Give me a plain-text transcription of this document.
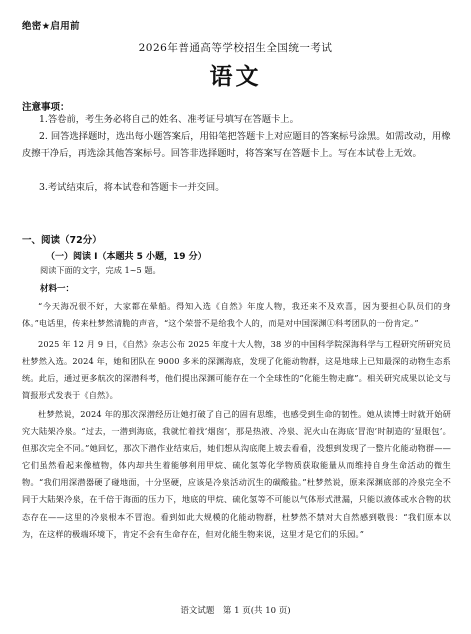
绝密★启用前
2026年普通高等学校招生全国统一考试
语文
注意事项：
1.答卷前，考生务必将自己的姓名、准考证号填写在答题卡上。
2. 回答选择题时，选出每小题答案后，用铅笔把答题卡上对应题目的答案标号涂黑。如需改动，用橡皮擦干净后，再选涂其他答案标号。回答非选择题时，将答案写在答题卡上。写在本试卷上无效。
3.考试结束后，将本试卷和答题卡一并交回。
一、阅读（72分）
（一）阅读 I（本题共 5 小题，19 分）
阅读下面的文字，完成 1~5 题。
材料一：
“今天海况很不好，大家都在晕船。得知入选《自然》年度人物，我还来不及欢喜，因为要担心队员们的身体。”电话里，传来杜梦然清脆的声音，“这个荣誉不是给我个人的，而是对中国深渊①科考团队的一份肯定。”
2025 年 12 月 9 日，《自然》杂志公布 2025 年度十大人物，38 岁的中国科学院深海科学与工程研究所研究员杜梦然入选。2024 年，她和团队在 9000 多米的深渊海底，发现了化能动物群，这是地球上已知最深的动物生态系统。此后，通过更多航次的深潜科考，他们提出深渊可能存在一个全球性的“化能生物走廊”。相关研究成果以论文与简报形式发表于《自然》。
杜梦然说，2024 年的那次深潜经历让她打破了自己的固有思维，也感受到生命的韧性。她从读博士时就开始研究大陆架冷泉。“过去，一潜到海底，我就忙着找‘烟囱’，那是热液、冷泉、泥火山在海底‘冒泡’时制造的‘显眼包’。但那次完全不同。”她回忆，那次下潜作业结束后，她们想从沟底爬上坡去看看，没想到发现了一整片化能动物群——它们虽然看起来像植物，体内却共生着能够利用甲烷、硫化氢等化学物质获取能量从而维持自身生命活动的微生物。“我们用深潜器硬了碰地面，十分坚硬，应该是冷泉活动沉生的碳酸盐。”杜梦然说，原来深渊底部的冷泉完全不同于大陆架冷泉，在千倍于海面的压力下，地底的甲烷、硫化氢等不可能以气体形式泄漏，只能以液体或水合物的状态存在——这里的冷泉根本不冒泡。看到如此大规模的化能动物群，杜梦然不禁对大自然感到敬畏：“我们原本以为，在这样的极端环境下，肯定不会有生命存在，但对化能生物来说，这里才是它们的乐园。”
语文试题　第 1 页(共 10 页)
